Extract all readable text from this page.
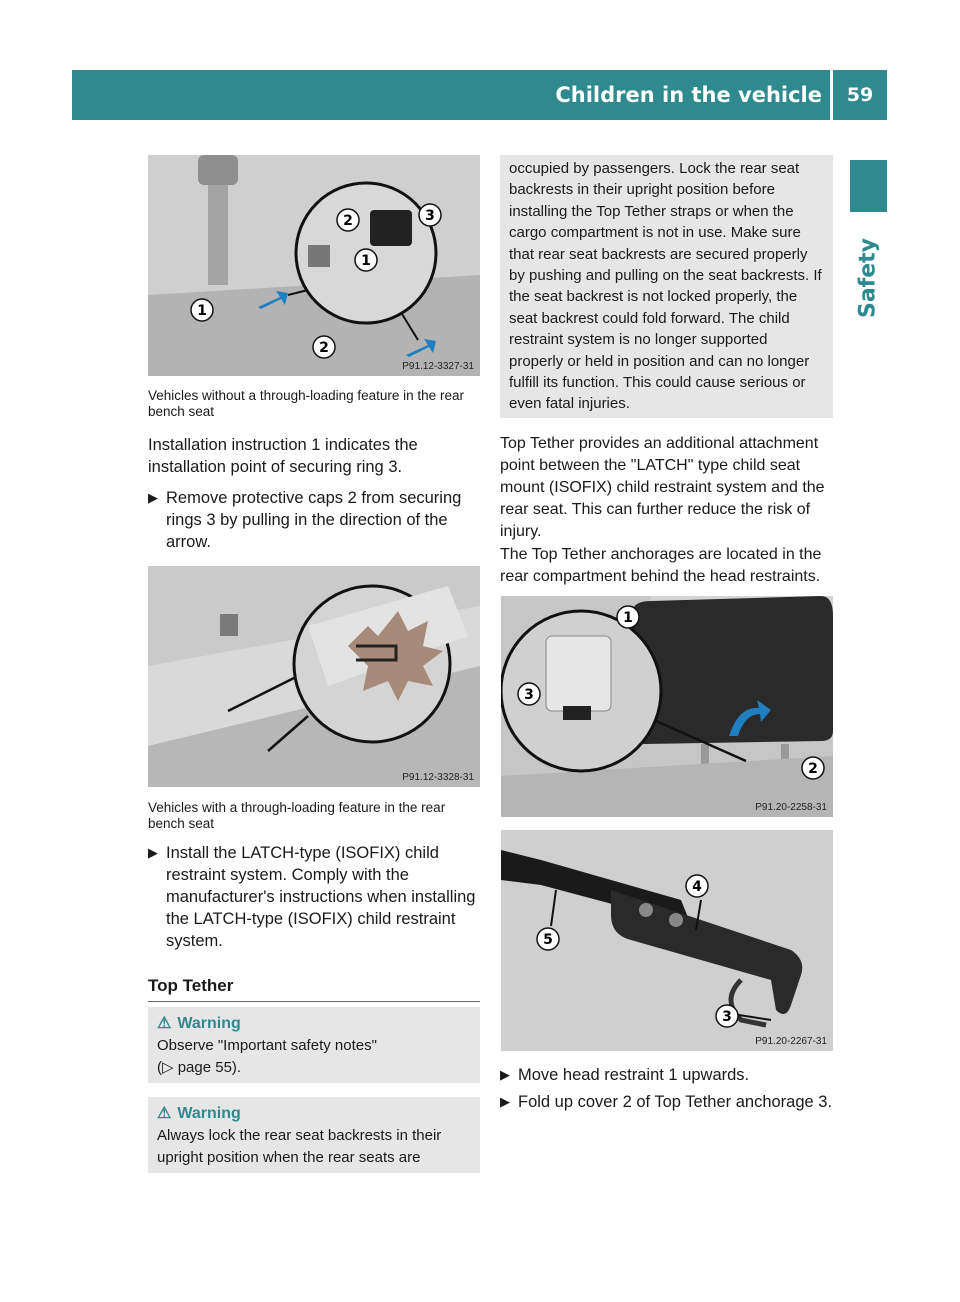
Children in the vehicle	59
Safety
2	3
1
1
2
P91.12-3327-31
Vehicles without a through-loading feature in the rear bench seat
Installation instruction 1 indicates the installation point of securing ring 3.
▶ Remove protective caps 2 from securing rings 3 by pulling in the direction of the arrow.
P91.12-3328-31
Vehicles with a through-loading feature in the rear bench seat
▶ Install the LATCH-type (ISOFIX) child restraint system. Comply with the manufacturer's instructions when installing the LATCH-type (ISOFIX) child restraint system.
Top Tether
⚠ Warning
Observe "Important safety notes"
(▷ page 55).
⚠ Warning
Always lock the rear seat backrests in their upright position when the rear seats are
occupied by passengers. Lock the rear seat backrests in their upright position before installing the Top Tether straps or when the cargo compartment is not in use. Make sure that rear seat backrests are secured properly by pushing and pulling on the seat backrests. If the seat backrest is not locked properly, the seat backrest could fold forward. The child restraint system is no longer supported properly or held in position and can no longer fulfill its function. This could cause serious or even fatal injuries.
Top Tether provides an additional attachment point between the "LATCH" type child seat mount (ISOFIX) child restraint system and the rear seat. This can further reduce the risk of injury.
The Top Tether anchorages are located in the rear compartment behind the head restraints.
1
3
2
P91.20-2258-31
4
5
3
P91.20-2267-31
▶ Move head restraint 1 upwards.
▶ Fold up cover 2 of Top Tether anchorage 3.
